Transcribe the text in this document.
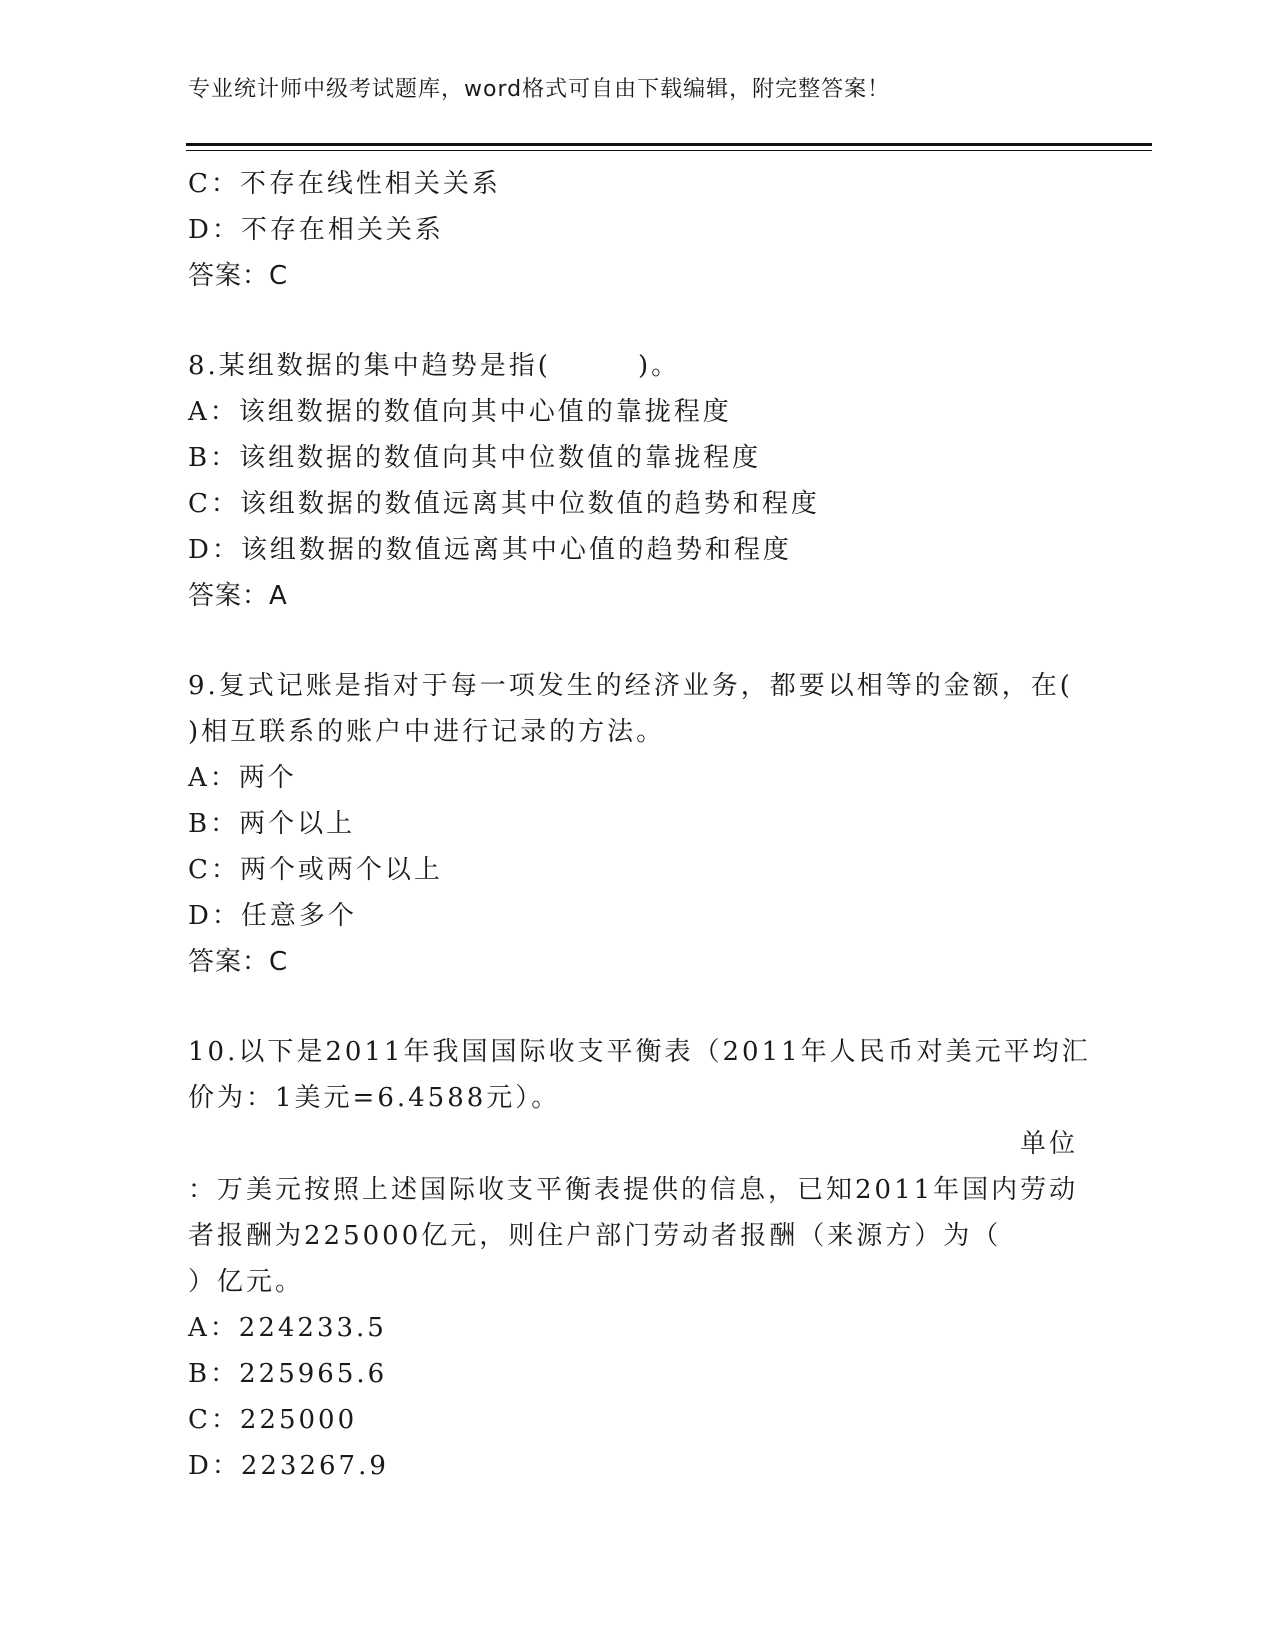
专业统计师中级考试题库，word格式可自由下载编辑，附完整答案！
C：不存在线性相关关系
D：不存在相关关系
答案：C
8.某组数据的集中趋势是指(　　　)。
A：该组数据的数值向其中心值的靠拢程度
B：该组数据的数值向其中位数值的靠拢程度
C：该组数据的数值远离其中位数值的趋势和程度
D：该组数据的数值远离其中心值的趋势和程度
答案：A
9.复式记账是指对于每一项发生的经济业务，都要以相等的金额，在(
)相互联系的账户中进行记录的方法。
A：两个
B：两个以上
C：两个或两个以上
D：任意多个
答案：C
10.以下是2011年我国国际收支平衡表（2011年人民币对美元平均汇
价为：1美元=6.4588元）。
单位
：万美元按照上述国际收支平衡表提供的信息，已知2011年国内劳动
者报酬为225000亿元，则住户部门劳动者报酬（来源方）为（
）亿元。
A：224233.5
B：225965.6
C：225000
D：223267.9
